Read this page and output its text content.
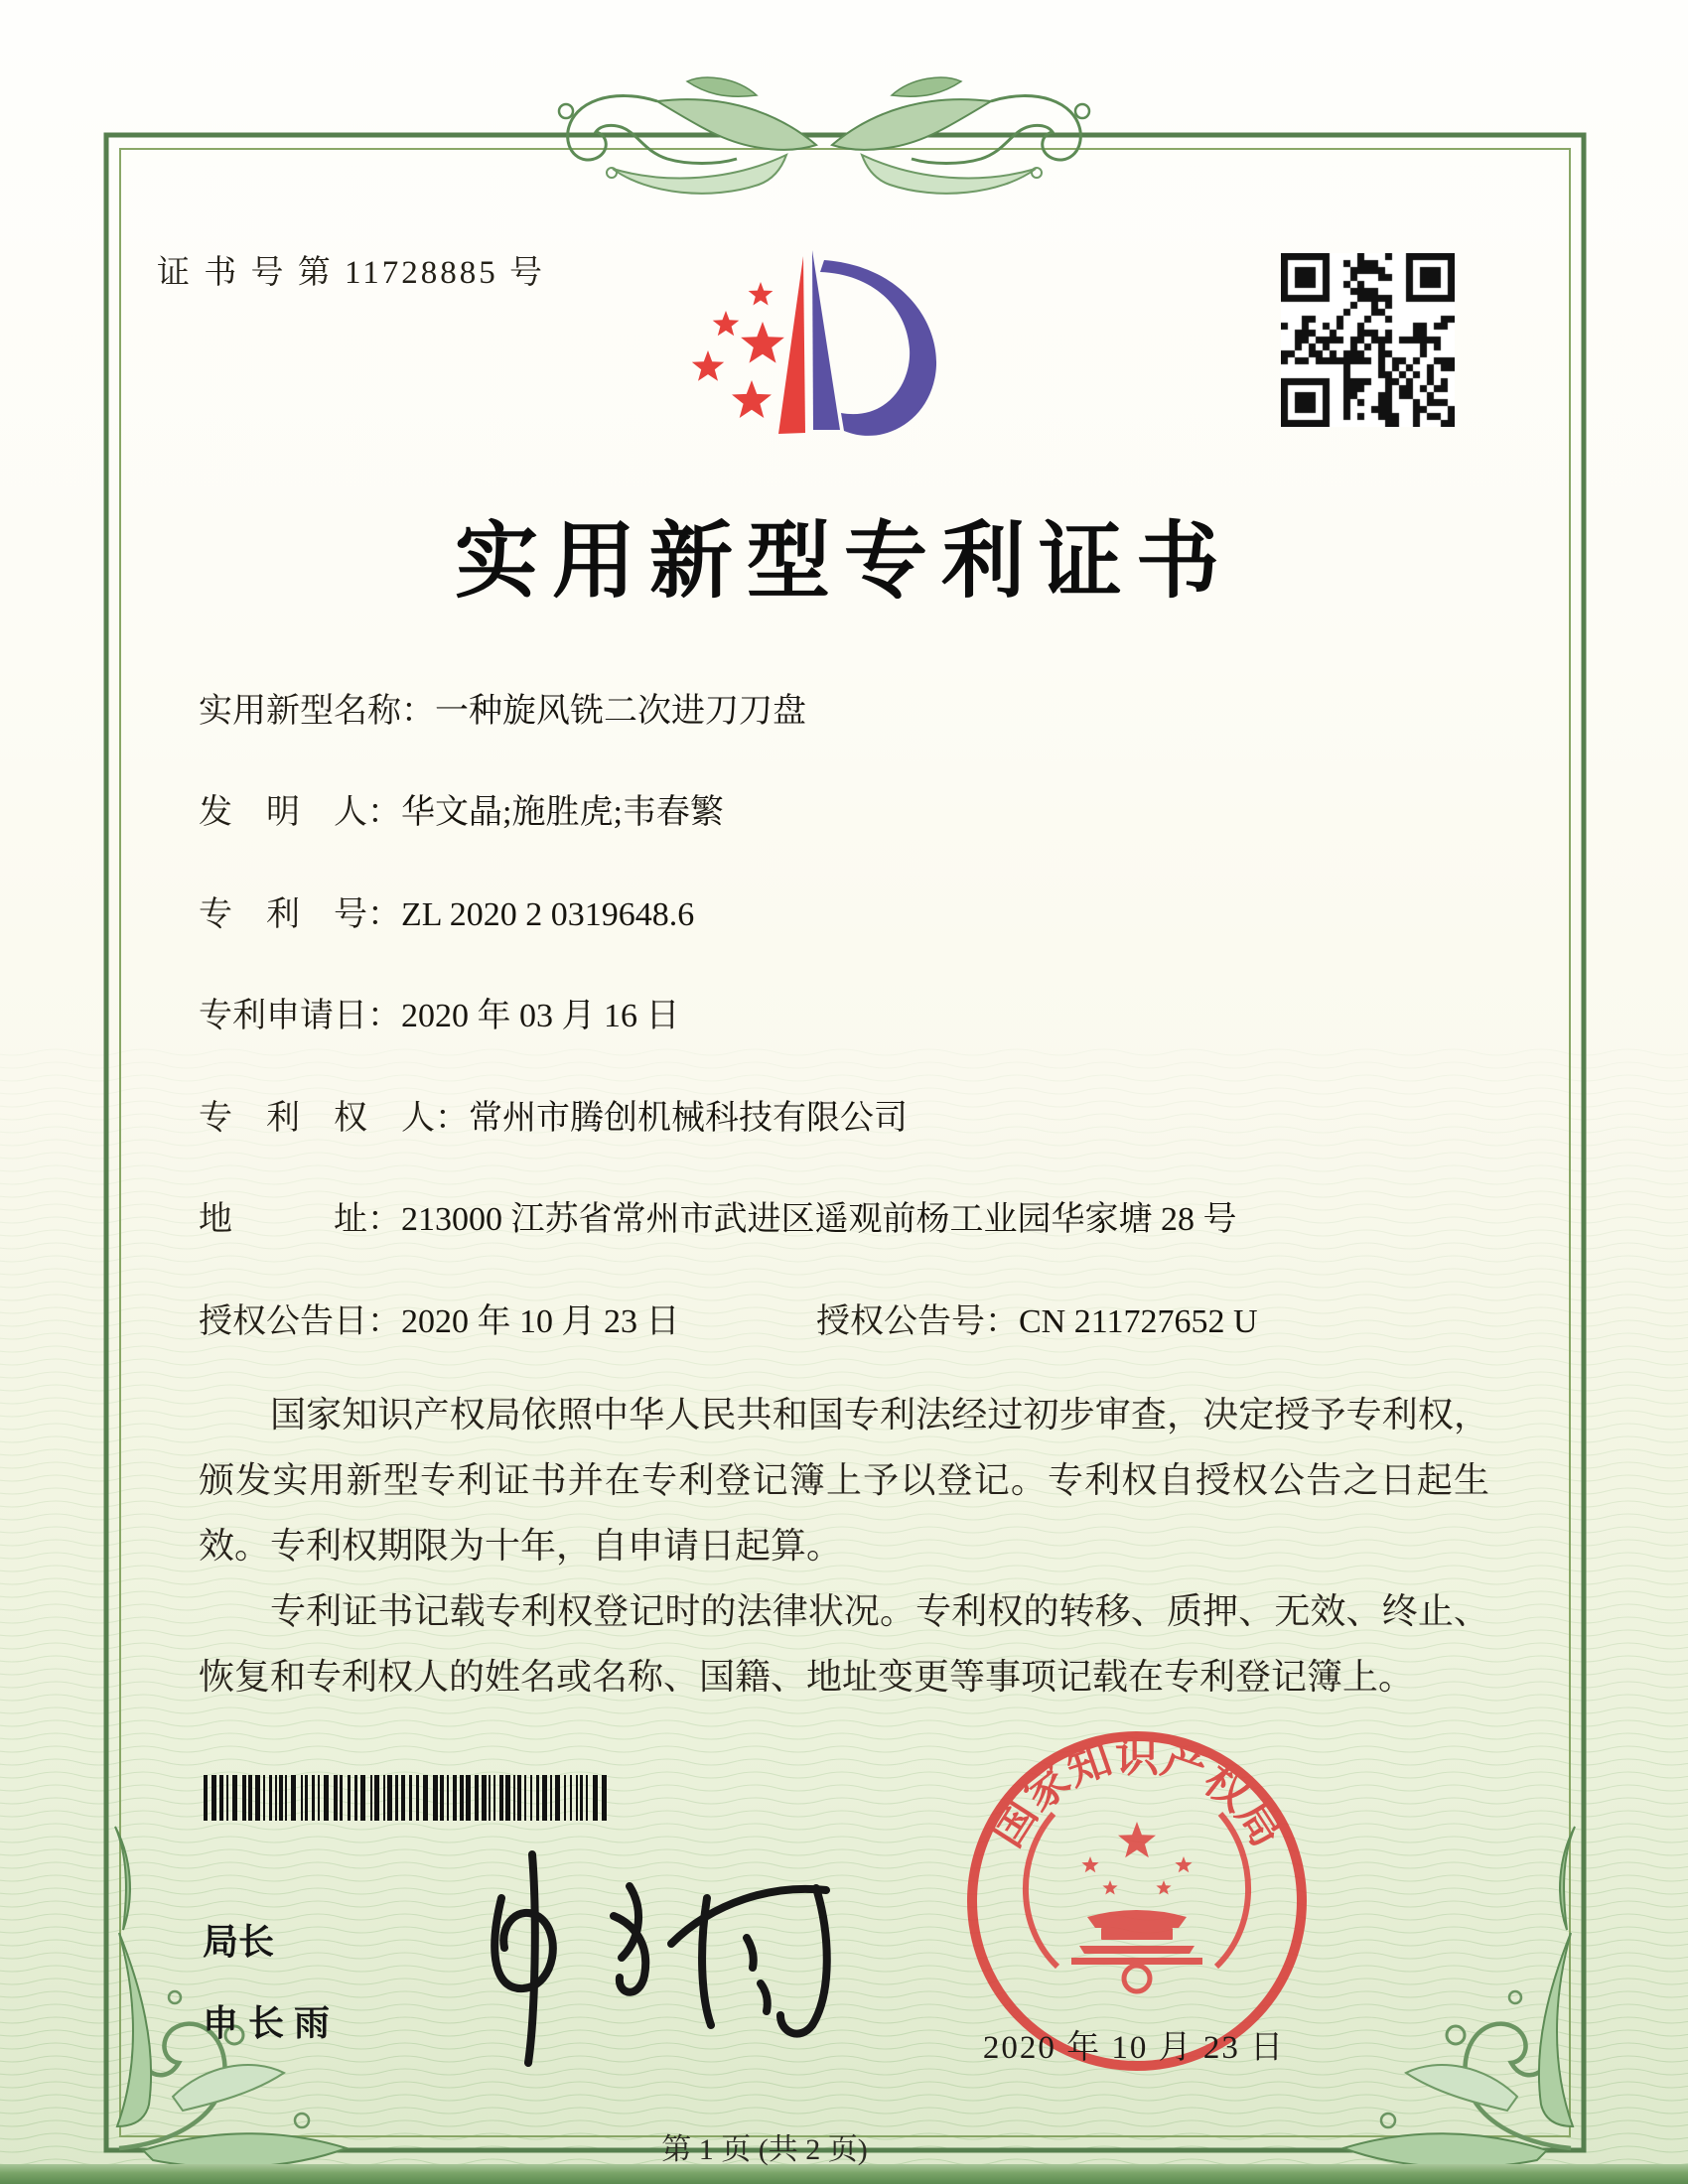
证 书 号 第 11728885 号
实用新型专利证书
实用新型名称：一种旋风铣二次进刀刀盘
发　明　人：华文晶;施胜虎;韦春繁
专　利　号：ZL 2020 2 0319648.6
专利申请日：2020 年 03 月 16 日
专　利　权　人：常州市腾创机械科技有限公司
地　　　址：213000 江苏省常州市武进区遥观前杨工业园华家塘 28 号
授权公告日：2020 年 10 月 23 日	授权公告号：CN 211727652 U

国家知识产权局依照中华人民共和国专利法经过初步审查，决定授予专利权，颁发实用新型专利证书并在专利登记簿上予以登记。专利权自授权公告之日起生效。专利权期限为十年，自申请日起算。

专利证书记载专利权登记时的法律状况。专利权的转移、质押、无效、终止、恢复和专利权人的姓名或名称、国籍、地址变更等事项记载在专利登记簿上。

局长
申长雨
国家知识产权局
2020 年 10 月 23 日
第 1 页 (共 2 页)
